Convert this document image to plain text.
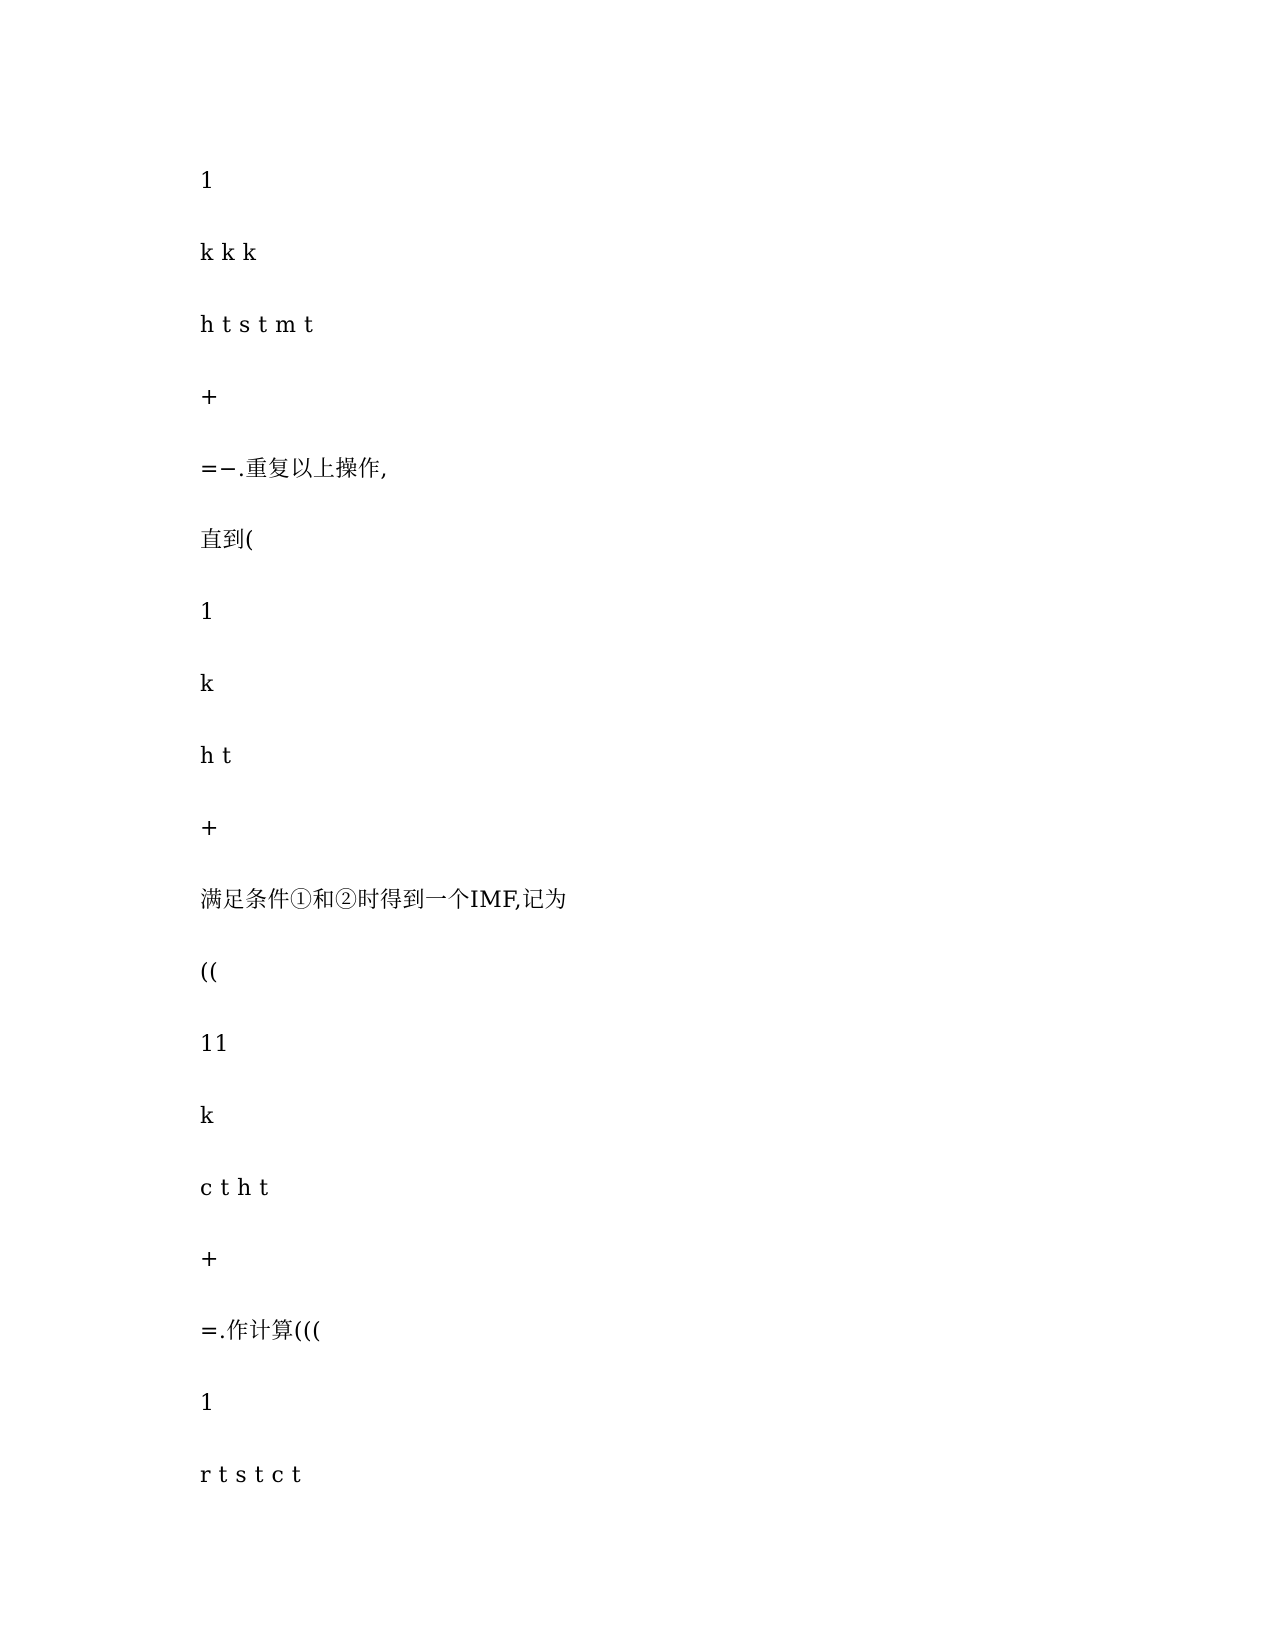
1
k k k
h t s t m t
+
=−.重复以上操作,
直到(
1
k
h t
+
满足条件①和②时得到一个IMF,记为
((
11
k
c t h t
+
=.作计算(((
1
r t s t c t
